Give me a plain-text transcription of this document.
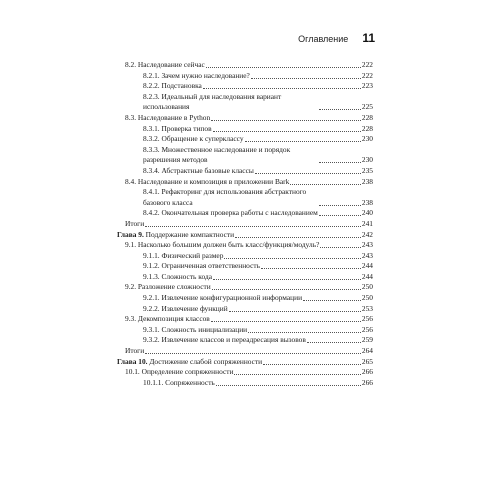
Оглавление 11
8.2. Наследование сейчас	222
8.2.1. Зачем нужно наследование?	222
8.2.2. Подстановка	223
8.2.3. Идеальный для наследования вариант использования	225
8.3. Наследование в Python	228
8.3.1. Проверка типов	228
8.3.2. Обращение к суперклассу	230
8.3.3. Множественное наследование и порядок разрешения методов	230
8.3.4. Абстрактные базовые классы	235
8.4. Наследование и композиция в приложении Bark	238
8.4.1. Рефакторинг для использования абстрактного базового класса	238
8.4.2. Окончательная проверка работы с наследованием	240
Итоги	241
Глава 9. Поддержание компактности	242
9.1. Насколько большим должен быть класс/функция/модуль?	243
9.1.1. Физический размер	243
9.1.2. Ограниченная ответственность	244
9.1.3. Сложность кода	244
9.2. Разложение сложности	250
9.2.1. Извлечение конфигурационной информации	250
9.2.2. Извлечение функций	253
9.3. Декомпозиция классов	256
9.3.1. Сложность инициализации	256
9.3.2. Извлечение классов и переадресация вызовов	259
Итоги	264
Глава 10. Достижение слабой сопряженности	265
10.1. Определение сопряженности	266
10.1.1. Сопряженность	266
